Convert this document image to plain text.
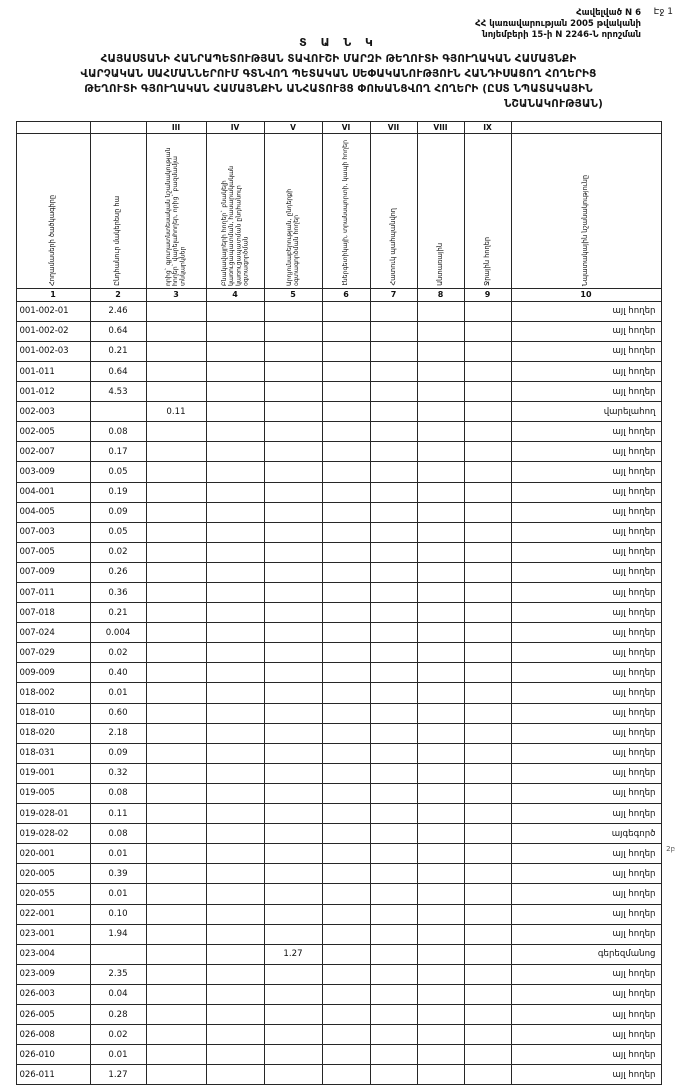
Էջ 1
2բ
Հավելված N 6
ՀՀ կառավարության 2005 թվականի
նոյեմբերի 15-ի N 2246-Ն որոշման
Տ Ա Ն Կ
ՀԱՅԱՍՏԱՆԻ ՀԱՆՐԱՊԵՏՈՒԹՅԱՆ ՏԱՎՈՒՇԻ ՄԱՐԶԻ ԹԵՂՈՒՏԻ ԳՅՈՒՂԱԿԱՆ ՀԱՄԱՅՆՔԻ
ՎԱՐՉԱԿԱՆ ՍԱՀՄԱՆՆԵՐՈՒՄ ԳՏՆՎՈՂ ՊԵՏԱԿԱՆ ՍԵՓԱԿԱՆՈՒԹՅՈՒՆ ՀԱՆԴԻՍԱՑՈՂ ՀՈՂԵՐԻՑ
ԹԵՂՈՒՏԻ ԳՅՈՒՂԱԿԱՆ ՀԱՄԱՅՆՔԻՆ ԱՆՀԱՏՈՒՅՑ ՓՈԽԱՆՑՎՈՂ ՀՈՂԵՐԻ (ԸՍՏ ՆՊԱՏԱԿԱՅԻՆ
ՆՇԱՆԱԿՈՒԹՅԱՆ)
		III	IV	V	VI	VII	VIII	IX	

Հողամասերի ծածկագիրը	Ընդհանուր մակերեսը հա	որից` գյուղատնտեսական նշանակության հողեր` վարելահողեր, որից` բազմամյա տնկարկներ	Բնակավայրերի հողեր` բնակելի կառուցապատման, հասարակական կառուցապատման ընդհանուր օգտագործման	Արդյունաբերության, ընդերքի օգտագործման հողեր	էներգետիկայի, տրանսպորտի, կապի հողեր	Հատուկ պահպանվող	Անտառային	Ջրային հողեր	Նպատակային նշանակությունը

1	2	3	4	5	6	7	8	9	10
001-002-01	2.46								այլ հողեր
001-002-02	0.64								այլ հողեր
001-002-03	0.21								այլ հողեր
001-011	0.64								այլ հողեր
001-012	4.53								այլ հողեր
002-003		0.11							վարելահող
002-005	0.08								այլ հողեր
002-007	0.17								այլ հողեր
003-009	0.05								այլ հողեր
004-001	0.19								այլ հողեր
004-005	0.09								այլ հողեր
007-003	0.05								այլ հողեր
007-005	0.02								այլ հողեր
007-009	0.26								այլ հողեր
007-011	0.36								այլ հողեր
007-018	0.21								այլ հողեր
007-024	0.004								այլ հողեր
007-029	0.02								այլ հողեր
009-009	0.40								այլ հողեր
018-002	0.01								այլ հողեր
018-010	0.60								այլ հողեր
018-020	2.18								այլ հողեր
018-031	0.09								այլ հողեր
019-001	0.32								այլ հողեր
019-005	0.08								այլ հողեր
019-028-01	0.11								այլ հողեր
019-028-02	0.08								այգեգործ
020-001	0.01								այլ հողեր
020-005	0.39								այլ հողեր
020-055	0.01								այլ հողեր
022-001	0.10								այլ հողեր
023-001	1.94								այլ հողեր
023-004				1.27					գերեզմանոց
023-009	2.35								այլ հողեր
026-003	0.04								այլ հողեր
026-005	0.28								այլ հողեր
026-008	0.02								այլ հողեր
026-010	0.01								այլ հողեր
026-011	1.27								այլ հողեր
